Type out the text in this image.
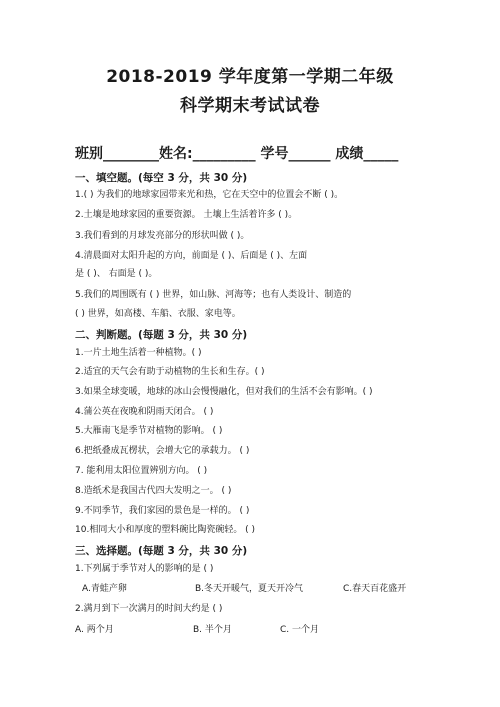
2018-2019 学年度第一学期二年级
科学期末考试试卷
班别________姓名:_________ 学号______ 成绩_____
一、填空题。(每空 3 分，共 30 分)
1.( ) 为我们的地球家园带来光和热，它在天空中的位置会不断 ( )。
2.土壤是地球家园的重要资源。 土壤上生活着许多 ( )。
3.我们看到的月球发亮部分的形状叫做 ( )。
4.清晨面对太阳升起的方向，前面是 ( )、后面是 ( )、左面
是 ( )、 右面是 ( )。
5.我们的周围既有 ( ) 世界，如山脉、河海等；也有人类设计、制造的
( ) 世界，如高楼、车船、衣服、家电等。
二、判断题。(每题 3 分，共 30 分)
1.一片土地生活着一种植物。( )
2.适宜的天气会有助于动植物的生长和生存。( )
3.如果全球变暖，地球的冰山会慢慢融化，但对我们的生活不会有影响。( )
4.蒲公英在夜晚和阴雨天闭合。 ( )
5.大雁南飞是季节对植物的影响。 ( )
6.把纸叠成瓦楞状，会增大它的承载力。 ( )
7. 能利用太阳位置辨别方向。 ( )
8.造纸术是我国古代四大发明之一。 ( )
9.不同季节，我们家园的景色是一样的。 ( )
10.相同大小和厚度的塑料碗比陶瓷碗轻。 ( )
三、选择题。(每题 3 分，共 30 分)
1.下列属于季节对人的影响的是 ( )
A.青蛙产卵	B.冬天开暖气，夏天开冷气	C.春天百花盛开
2.满月到下一次满月的时间大约是 ( )
A. 两个月	B. 半个月	C. 一个月
